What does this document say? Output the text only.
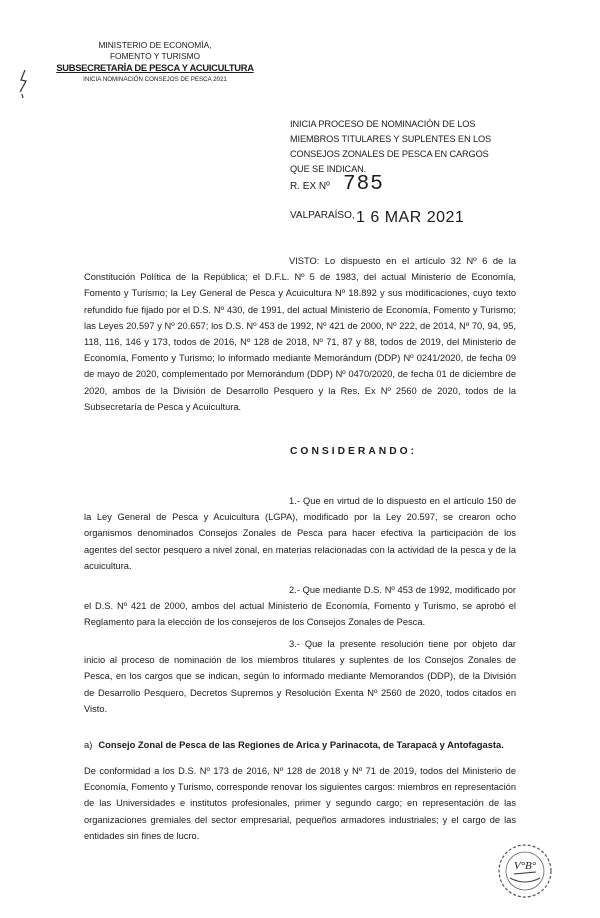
MINISTERIO DE ECONOMÍA,
FOMENTO Y TURISMO
SUBSECRETARÍA DE PESCA Y ACUICULTURA
INICIA NOMINACIÓN CONSEJOS DE PESCA 2021
INICIA PROCESO DE NOMINACIÓN DE LOS MIEMBROS TITULARES Y SUPLENTES EN LOS CONSEJOS ZONALES DE PESCA EN CARGOS QUE SE INDICAN.
R. EX Nº 785
VALPARAÍSO, 1 6 MAR 2021
VISTO: Lo dispuesto en el artículo 32 Nº 6 de la Constitución Política de la República; el D.F.L. Nº 5 de 1983, del actual Ministerio de Economía, Fomento y Turismo; la Ley General de Pesca y Acuicultura Nº 18.892 y sus modificaciones, cuyo texto refundido fue fijado por el D.S. Nº 430, de 1991, del actual Ministerio de Economía, Fomento y Turismo; las Leyes 20.597 y Nº 20.657; los D.S. Nº 453 de 1992, Nº 421 de 2000, Nº 222, de 2014, Nº 70, 94, 95, 118, 116, 146 y 173, todos de 2016, Nº 128 de 2018, Nº 71, 87 y 88, todos de 2019, del Ministerio de Economía, Fomento y Turismo; lo informado mediante Memorándum (DDP) Nº 0241/2020, de fecha 09 de mayo de 2020, complementado por Memorándum (DDP) Nº 0470/2020, de fecha 01 de diciembre de 2020, ambos de la División de Desarrollo Pesquero y la Res. Ex Nº 2560 de 2020, todos de la Subsecretaría de Pesca y Acuicultura.
CONSIDERANDO:
1.- Que en virtud de lo dispuesto en el artículo 150 de la Ley General de Pesca y Acuicultura (LGPA), modificado por la Ley 20.597, se crearon ocho organismos denominados Consejos Zonales de Pesca para hacer efectiva la participación de los agentes del sector pesquero a nivel zonal, en materias relacionadas con la actividad de la pesca y de la acuicultura.
2.- Que mediante D.S. Nº 453 de 1992, modificado por el D.S. Nº 421 de 2000, ambos del actual Ministerio de Economía, Fomento y Turismo, se aprobó el Reglamento para la elección de los consejeros de los Consejos Zonales de Pesca.
3.- Que la presente resolución tiene por objeto dar inicio al proceso de nominación de los miembros titulares y suplentes de los Consejos Zonales de Pesca, en los cargos que se indican, según lo informado mediante Memorandos (DDP), de la División de Desarrollo Pesquero, Decretos Supremos y Resolución Exenta Nº 2560 de 2020, todos citados en Visto.
a) Consejo Zonal de Pesca de las Regiones de Arica y Parinacota, de Tarapacá y Antofagasta.
De conformidad a los D.S. Nº 173 de 2016, Nº 128 de 2018 y Nº 71 de 2019, todos del Ministerio de Economía, Fomento y Turismo, corresponde renovar los siguientes cargos: miembros en representación de las Universidades e institutos profesionales, primer y segundo cargo; en representación de las organizaciones gremiales del sector empresarial, pequeños armadores industriales; y el cargo de las entidades sin fines de lucro.
V°B°
